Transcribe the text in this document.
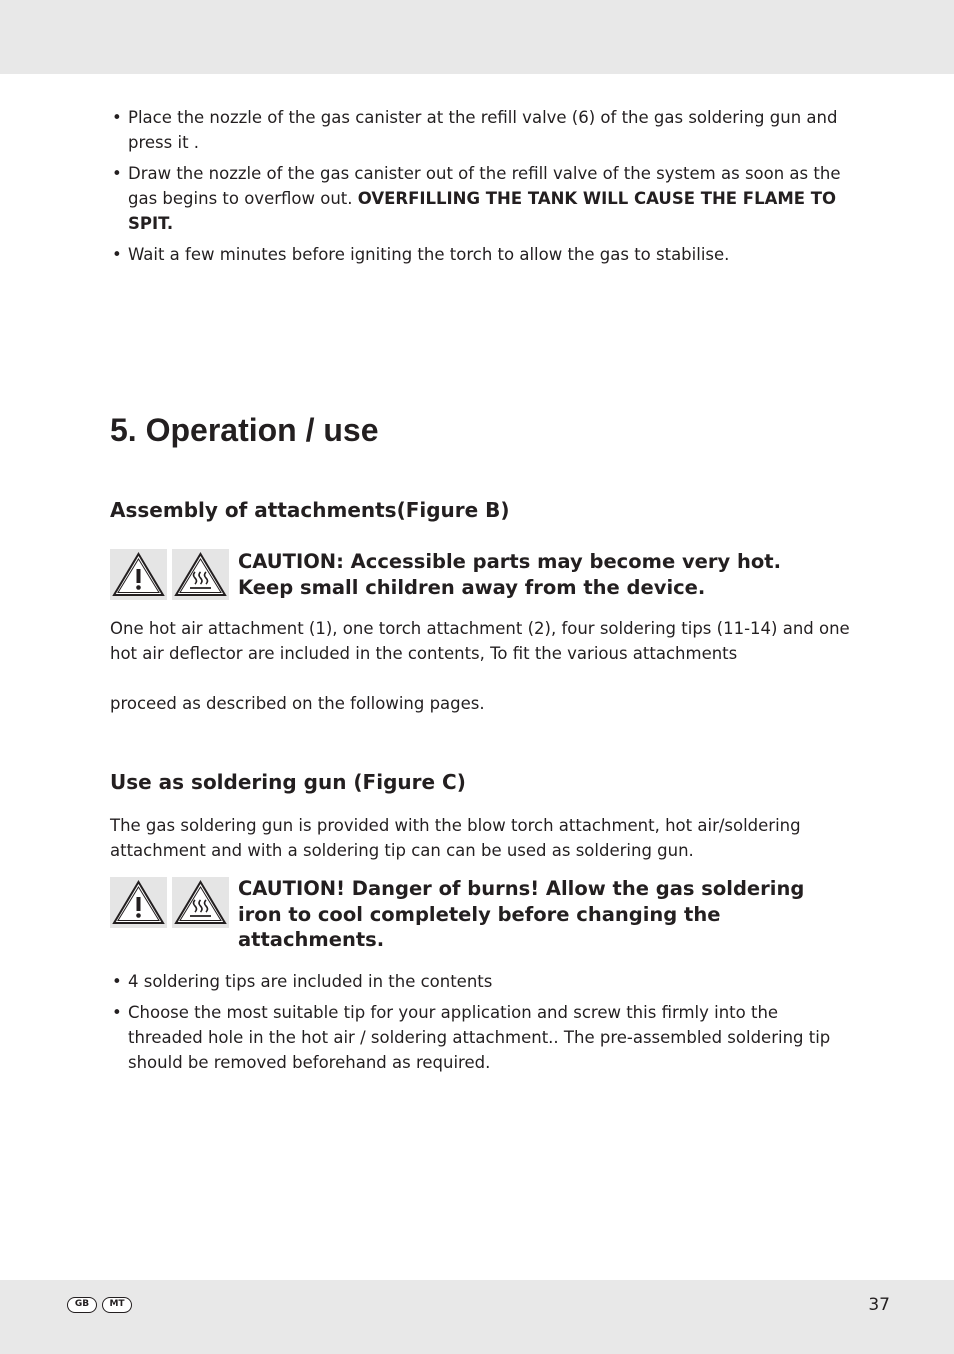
• Place the nozzle of the gas canister at the refill valve (6) of the gas soldering gun and press it .
• Draw the nozzle of the gas canister out of the refill valve of the system as soon as the gas begins to overflow out. OVERFILLING THE TANK WILL CAUSE THE FLAME TO SPIT.
• Wait a few minutes before igniting the torch to allow the gas to stabilise.
5. Operation / use
Assembly of attachments(Figure B)

CAUTION: Accessible parts may become very hot.
Keep small children away from the device.

One hot air attachment (1), one torch attachment (2), four soldering tips (11-14) and one hot air deflector are included in the contents, To fit the various attachments

proceed as described on the following pages.

Use as soldering gun (Figure C)

The gas soldering gun is provided with the blow torch attachment, hot air/soldering attachment and with a soldering tip can can be used as soldering gun.

CAUTION! Danger of burns! Allow the gas soldering iron to cool completely before changing the attachments.

• 4 soldering tips are included in the contents
• Choose the most suitable tip for your application and screw this firmly into the threaded hole in the hot air / soldering attachment.. The pre-assembled soldering tip should be removed beforehand as required.
GB	MT	37
